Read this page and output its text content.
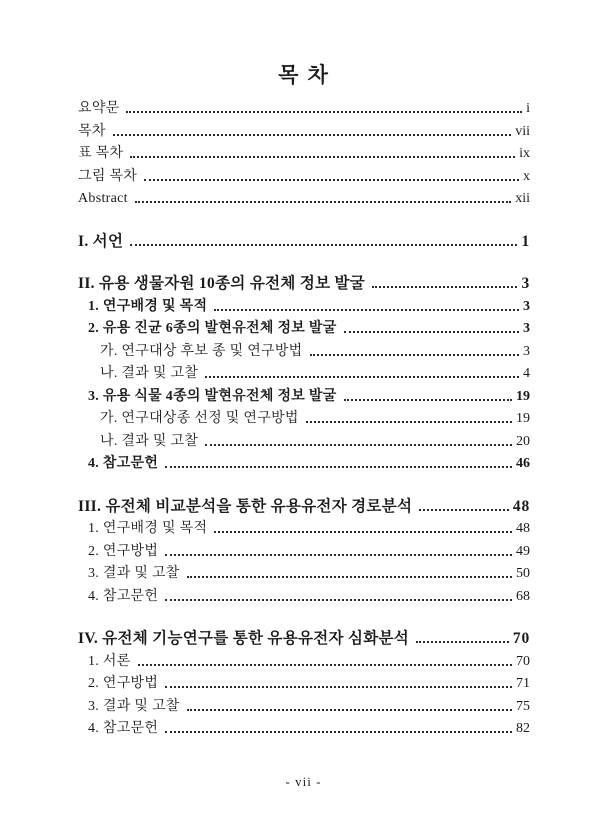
목 차
요약문	i
목차	vii
표 목차	ix
그림 목차	x
Abstract	xii
I. 서언	1
II. 유용 생물자원 10종의 유전체 정보 발굴	3
1. 연구배경 및 목적	3
2. 유용 진균 6종의 발현유전체 정보 발굴	3
가. 연구대상 후보 종 및 연구방법	3
나. 결과 및 고찰	4
3. 유용 식물 4종의 발현유전체 정보 발굴	19
가. 연구대상종 선정 및 연구방법	19
나. 결과 및 고찰	20
4. 참고문헌	46
III. 유전체 비교분석을 통한 유용유전자 경로분석	48
1. 연구배경 및 목적	48
2. 연구방법	49
3. 결과 및 고찰	50
4. 참고문헌	68
IV. 유전체 기능연구를 통한 유용유전자 심화분석	70
1. 서론	70
2. 연구방법	71
3. 결과 및 고찰	75
4. 참고문헌	82
- vii -
